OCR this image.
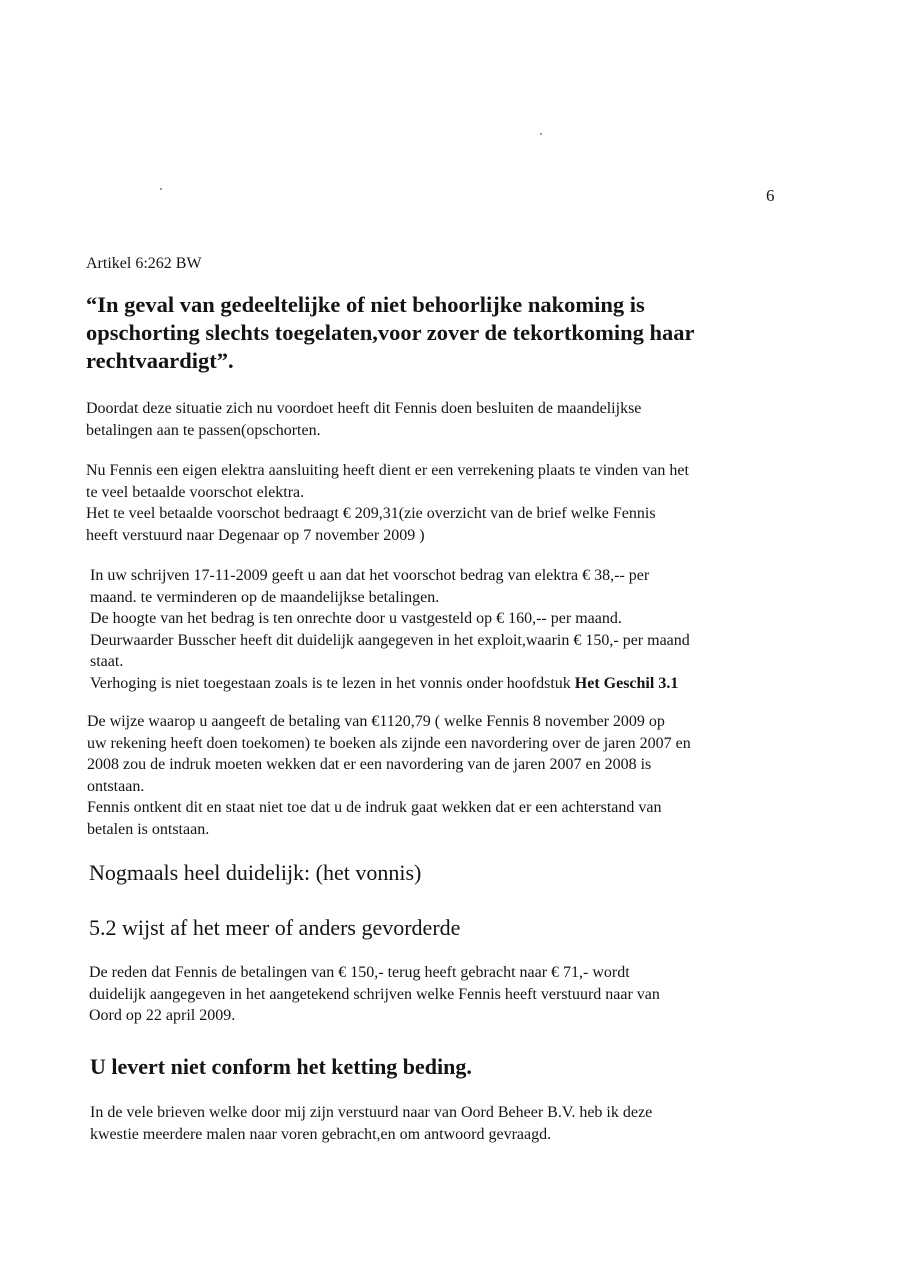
6
Artikel 6:262 BW
“In geval van gedeeltelijke of niet behoorlijke nakoming is
opschorting slechts toegelaten,voor zover de tekortkoming haar
rechtvaardigt”.

Doordat deze situatie zich nu voordoet heeft dit Fennis doen besluiten de maandelijkse

betalingen aan te passen(opschorten.

Nu Fennis een eigen elektra aansluiting heeft dient er een verrekening plaats te vinden van het

te veel betaalde voorschot elektra.

Het te veel betaalde voorschot bedraagt € 209,31(zie overzicht van de brief welke Fennis

heeft verstuurd naar Degenaar op 7 november 2009 )

In uw schrijven 17-11-2009 geeft u aan dat het voorschot bedrag van elektra € 38,-- per

maand. te verminderen op de maandelijkse betalingen.

De hoogte van het bedrag is ten onrechte door u vastgesteld op € 160,-- per maand.

Deurwaarder Busscher heeft dit duidelijk aangegeven in het exploit,waarin € 150,- per maand

staat.

Verhoging is niet toegestaan zoals is te lezen in het vonnis onder hoofdstuk Het Geschil 3.1

De wijze waarop u aangeeft de betaling van €1120,79 ( welke Fennis 8 november 2009 op

uw rekening heeft doen toekomen) te boeken als zijnde een navordering over de jaren 2007 en

2008 zou de indruk moeten wekken dat er een navordering van de jaren 2007 en 2008 is

ontstaan.

Fennis ontkent dit en staat niet toe dat u de indruk gaat wekken dat er een achterstand van

betalen is ontstaan.

Nogmaals heel duidelijk: (het vonnis)
5.2 wijst af het meer of anders gevorderde

De reden dat Fennis de betalingen van € 150,- terug heeft gebracht naar € 71,- wordt

duidelijk aangegeven in het aangetekend schrijven welke Fennis heeft verstuurd naar van

Oord op 22 april 2009.

U levert niet conform het ketting beding.

In de vele brieven welke door mij zijn verstuurd naar van Oord Beheer B.V. heb ik deze

kwestie meerdere malen naar voren gebracht,en om antwoord gevraagd.
